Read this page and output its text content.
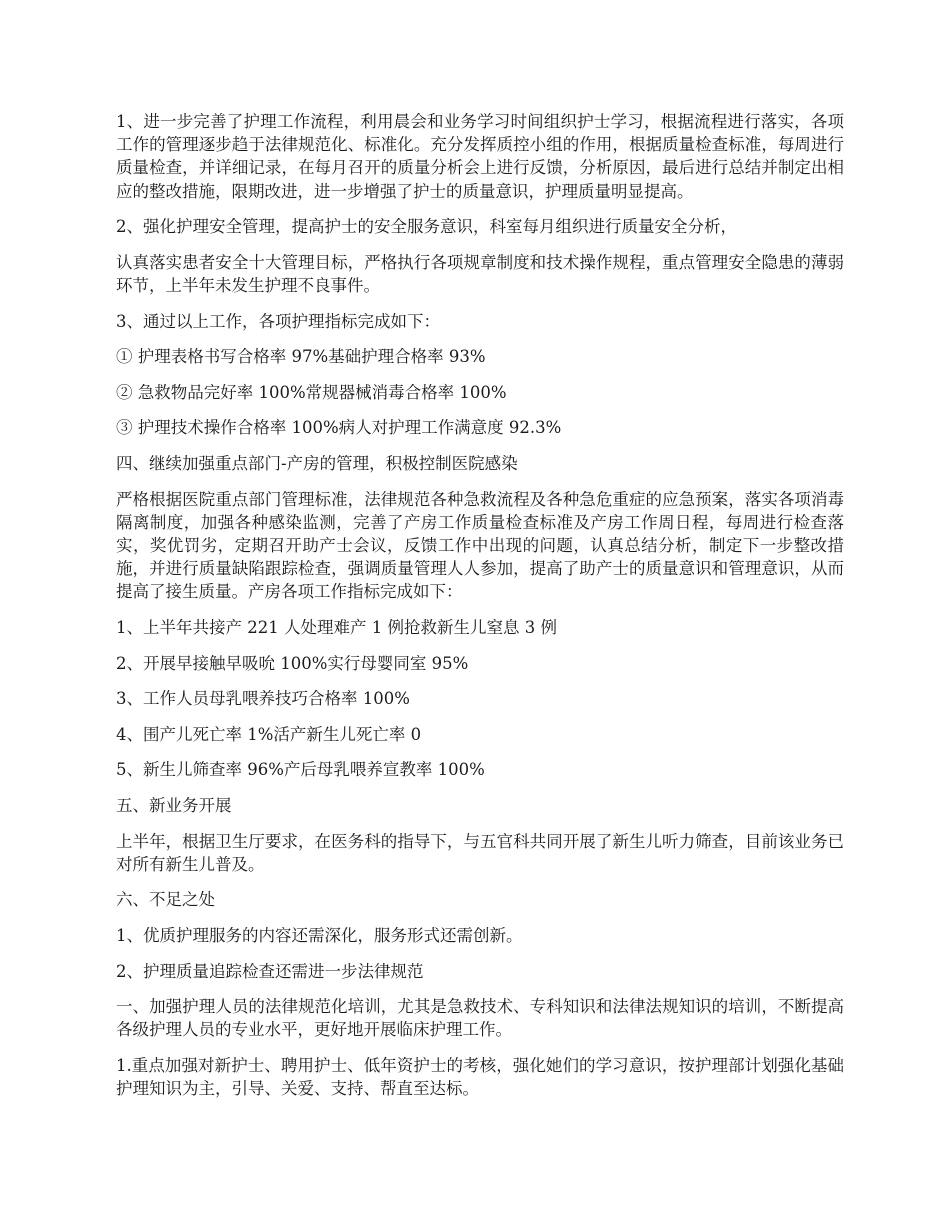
1、进一步完善了护理工作流程，利用晨会和业务学习时间组织护士学习，根据流程进行落实，各项工作的管理逐步趋于法律规范化、标准化。充分发挥质控小组的作用，根据质量检查标准，每周进行质量检查，并详细记录，在每月召开的质量分析会上进行反馈，分析原因，最后进行总结并制定出相应的整改措施，限期改进，进一步增强了护士的质量意识，护理质量明显提高。

2、强化护理安全管理，提高护士的安全服务意识，科室每月组织进行质量安全分析，

认真落实患者安全十大管理目标，严格执行各项规章制度和技术操作规程，重点管理安全隐患的薄弱环节，上半年未发生护理不良事件。

3、通过以上工作，各项护理指标完成如下：

① 护理表格书写合格率 97%基础护理合格率 93%

② 急救物品完好率 100%常规器械消毒合格率 100%

③ 护理技术操作合格率 100%病人对护理工作满意度 92.3%

四、继续加强重点部门-产房的管理，积极控制医院感染

严格根据医院重点部门管理标准，法律规范各种急救流程及各种急危重症的应急预案，落实各项消毒隔离制度，加强各种感染监测，完善了产房工作质量检查标准及产房工作周日程，每周进行检查落实，奖优罚劣，定期召开助产士会议，反馈工作中出现的问题，认真总结分析，制定下一步整改措施，并进行质量缺陷跟踪检查，强调质量管理人人参加，提高了助产士的质量意识和管理意识，从而提高了接生质量。产房各项工作指标完成如下：

1、上半年共接产 221 人处理难产 1 例抢救新生儿窒息 3 例

2、开展早接触早吸吮 100%实行母婴同室 95%

3、工作人员母乳喂养技巧合格率 100%

4、围产儿死亡率 1%活产新生儿死亡率 0

5、新生儿筛查率 96%产后母乳喂养宣教率 100%

五、新业务开展

上半年，根据卫生厅要求，在医务科的指导下，与五官科共同开展了新生儿听力筛查，目前该业务已对所有新生儿普及。

六、不足之处

1、优质护理服务的内容还需深化，服务形式还需创新。

2、护理质量追踪检查还需进一步法律规范

一、加强护理人员的法律规范化培训，尤其是急救技术、专科知识和法律法规知识的培训，不断提高各级护理人员的专业水平，更好地开展临床护理工作。

1.重点加强对新护士、聘用护士、低年资护士的考核，强化她们的学习意识，按护理部计划强化基础护理知识为主，引导、关爱、支持、帮直至达标。
